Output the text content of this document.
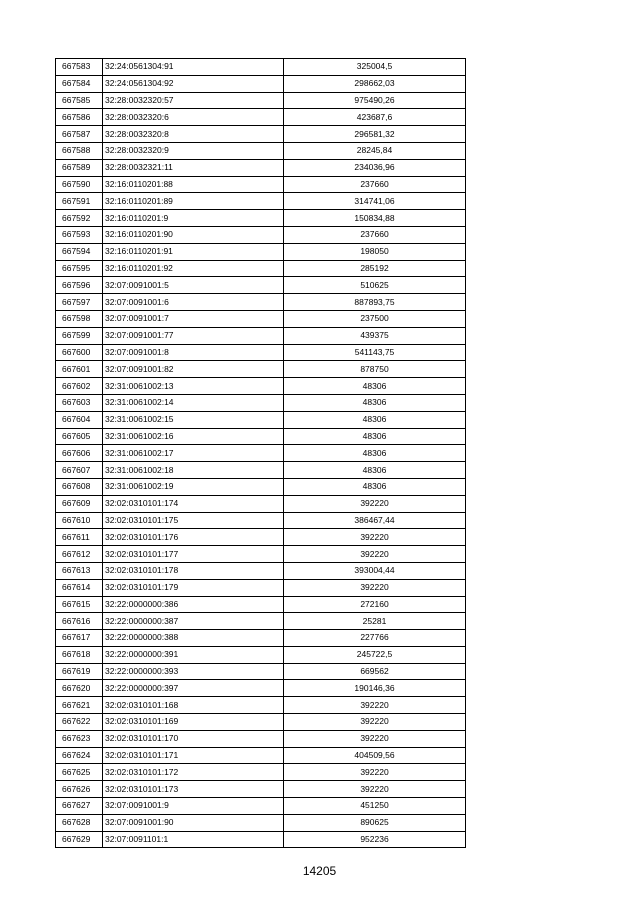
667583	32:24:0561304:91	325004,5
667584	32:24:0561304:92	298662,03
667585	32:28:0032320:57	975490,26
667586	32:28:0032320:6	423687,6
667587	32:28:0032320:8	296581,32
667588	32:28:0032320:9	28245,84
667589	32:28:0032321:11	234036,96
667590	32:16:0110201:88	237660
667591	32:16:0110201:89	314741,06
667592	32:16:0110201:9	150834,88
667593	32:16:0110201:90	237660
667594	32:16:0110201:91	198050
667595	32:16:0110201:92	285192
667596	32:07:0091001:5	510625
667597	32:07:0091001:6	887893,75
667598	32:07:0091001:7	237500
667599	32:07:0091001:77	439375
667600	32:07:0091001:8	541143,75
667601	32:07:0091001:82	878750
667602	32:31:0061002:13	48306
667603	32:31:0061002:14	48306
667604	32:31:0061002:15	48306
667605	32:31:0061002:16	48306
667606	32:31:0061002:17	48306
667607	32:31:0061002:18	48306
667608	32:31:0061002:19	48306
667609	32:02:0310101:174	392220
667610	32:02:0310101:175	386467,44
667611	32:02:0310101:176	392220
667612	32:02:0310101:177	392220
667613	32:02:0310101:178	393004,44
667614	32:02:0310101:179	392220
667615	32:22:0000000:386	272160
667616	32:22:0000000:387	25281
667617	32:22:0000000:388	227766
667618	32:22:0000000:391	245722,5
667619	32:22:0000000:393	669562
667620	32:22:0000000:397	190146,36
667621	32:02:0310101:168	392220
667622	32:02:0310101:169	392220
667623	32:02:0310101:170	392220
667624	32:02:0310101:171	404509,56
667625	32:02:0310101:172	392220
667626	32:02:0310101:173	392220
667627	32:07:0091001:9	451250
667628	32:07:0091001:90	890625
667629	32:07:0091101:1	952236
14205
